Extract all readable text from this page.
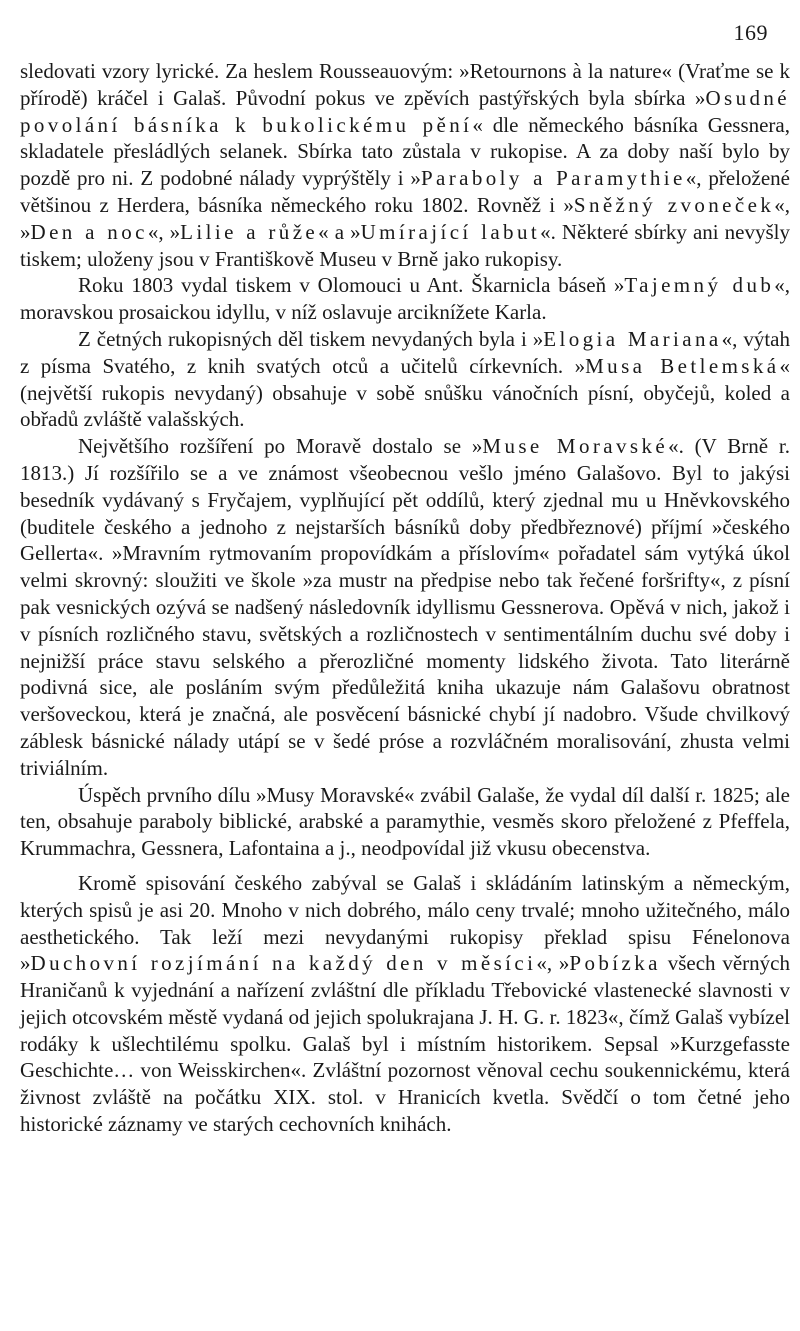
169

sledovati vzory lyrické. Za heslem Rousseauovým: »Retournons à la nature« (Vraťme se k přírodě) kráčel i Galaš. Původní pokus ve zpěvích pastýřských byla sbírka »Osudné povolání básníka k bukolickému pění« dle německého básníka Gessnera, skladatele přesládlých selanek. Sbírka tato zůstala v rukopise. A za doby naší bylo by pozdě pro ni. Z podobné nálady vyprýštěly i »Paraboly a Paramythie«, přeložené většinou z Herdera, básníka německého roku 1802. Rovněž i »Sněžný zvoneček«, »Den a noc«, »Lilie a růže« a »Umírající labut«. Některé sbírky ani nevyšly tiskem; uloženy jsou v Františkově Museu v Brně jako rukopisy.

Roku 1803 vydal tiskem v Olomouci u Ant. Škarnicla báseň »Tajemný dub«, moravskou prosaickou idyllu, v níž oslavuje arciknížete Karla.

Z četných rukopisných děl tiskem nevydaných byla i »Elogia Mariana«, výtah z písma Svatého, z knih svatých otců a učitelů církevních. »Musa Betlemská« (největší rukopis nevydaný) obsahuje v sobě snůšku vánočních písní, obyčejů, koled a obřadů zvláště valašských.

Největšího rozšíření po Moravě dostalo se »Muse Moravské«. (V Brně r. 1813.) Jí rozšířilo se a ve známost všeobecnou vešlo jméno Galašovo. Byl to jakýsi besedník vydávaný s Fryčajem, vyplňující pět oddílů, který zjednal mu u Hněvkovského (buditele českého a jednoho z nejstarších básníků doby předbřeznové) příjmí »českého Gellerta«. »Mravním rytmovaním propovídkám a příslovím« pořadatel sám vytýká úkol velmi skrovný: sloužiti ve škole »za mustr na předpise nebo tak řečené foršrifty«, z písní pak vesnických ozývá se nadšený následovník idyllismu Gessnerova. Opěvá v nich, jakož i v písních rozličného stavu, světských a rozličnostech v sentimentálním duchu své doby i nejnižší práce stavu selského a přerozličné momenty lidského života. Tato literárně podivná sice, ale posláním svým předůležitá kniha ukazuje nám Galašovu obratnost veršoveckou, která je značná, ale posvěcení básnické chybí jí nadobro. Všude chvilkový záblesk básnické nálady utápí se v šedé próse a rozvláčném moralisování, zhusta velmi triviálním.

Úspěch prvního dílu »Musy Moravské« zvábil Galaše, že vydal díl další r. 1825; ale ten, obsahuje paraboly biblické, arabské a paramythie, vesměs skoro přeložené z Pfeffela, Krummachra, Gessnera, Lafontaina a j., neodpovídal již vkusu obecenstva.

Kromě spisování českého zabýval se Galaš i skládáním latinským a německým, kterých spisů je asi 20. Mnoho v nich dobrého, málo ceny trvalé; mnoho užitečného, málo aesthetického. Tak leží mezi nevydanými rukopisy překlad spisu Fénelonova »Duchovní rozjímání na každý den v měsíci«, »Pobízka všech věrných Hraničanů k vyjednání a nařízení zvláštní dle příkladu Třebovické vlastenecké slavnosti v jejich otcovském městě vydaná od jejich spolukrajana J. H. G. r. 1823«, čímž Galaš vybízel rodáky k ušlechtilému spolku. Galaš byl i místním historikem. Sepsal »Kurzgefasste Geschichte… von Weisskirchen«. Zvláštní pozornost věnoval cechu soukennickému, která živnost zvláště na počátku XIX. stol. v Hranicích kvetla. Svědčí o tom četné jeho historické záznamy ve starých cechovních knihách.
